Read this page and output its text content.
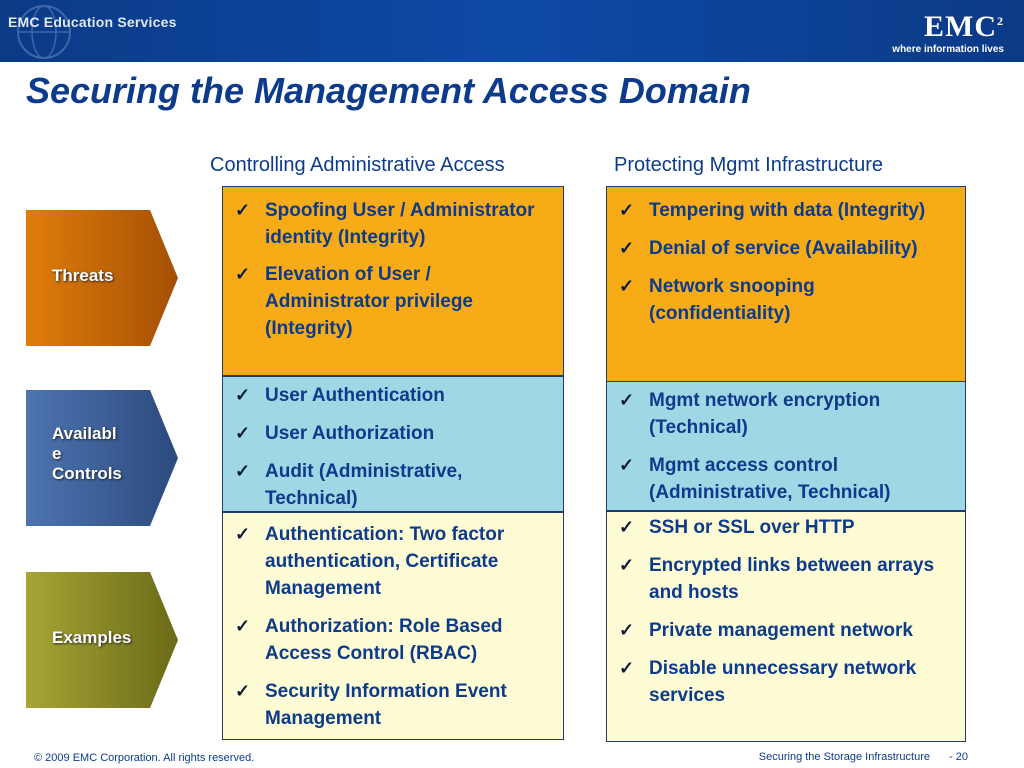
EMC Education Services	EMC$^2$
where information lives
Securing the Management Access Domain
Controlling Administrative Access	Protecting Mgmt Infrastructure
Threats
Availabl
e
Controls
Examples
✓ Spoofing User / Administrator identity (Integrity)
✓ Elevation of User / Administrator privilege (Integrity)
✓ User Authentication
✓ User Authorization
✓ Audit (Administrative, Technical)
✓ Authentication: Two factor authentication, Certificate Management
✓ Authorization: Role Based Access Control (RBAC)
✓ Security Information Event Management
✓ Tempering with data (Integrity)
✓ Denial of service (Availability)
✓ Network snooping (confidentiality)
✓ Mgmt network encryption (Technical)
✓ Mgmt access control (Administrative, Technical)
✓ SSH or SSL over HTTP
✓ Encrypted links between arrays and hosts
✓ Private management network
✓ Disable unnecessary network services
© 2009 EMC Corporation. All rights reserved.	Securing the Storage Infrastructure - 20
